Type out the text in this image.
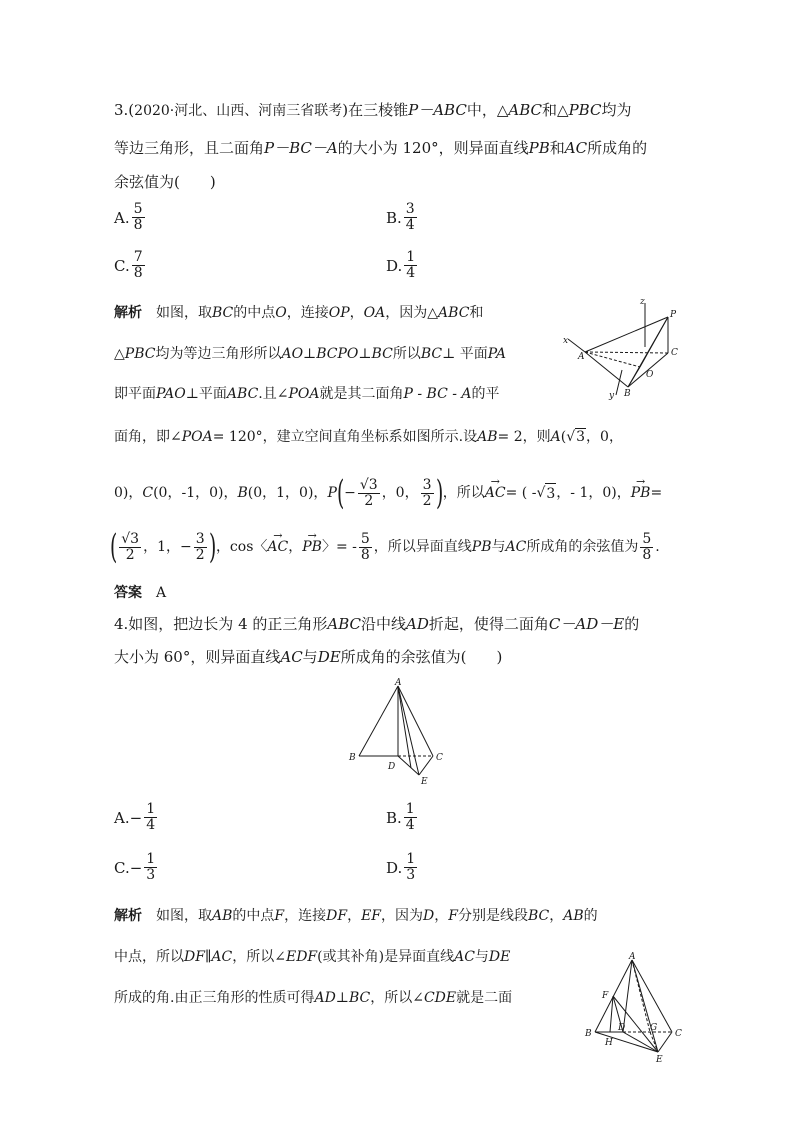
3.(2020·河北、山西、河南三省联考)在三棱锥P－ABC中，△ABC和△PBC均为
等边三角形，且二面角P－BC－A的大小为 120°，则异面直线PB和AC所成角的
余弦值为(　　)
A. $\frac{5}{8}$	B. $\frac{3}{4}$
C. $\frac{7}{8}$	D. $\frac{1}{4}$
解析　 如图，取BC的中点O，连接OP，OA，因为△ABC和
△PBC均为等边三角形所以AO⊥BCPO⊥BC所以BC⊥ 平面PA
即平面PAO⊥平面ABC.且∠POA就是其二面角P - BC - A的平
面角，即∠POA= 120°，建立空间直角坐标系如图所示.设AB= 2，则A(√3，0，
0)， C (0，-1，0)， B (0，1，0)， P ( − $\frac{√3}{2}$ ，0， $\frac{3}{2}$ ) ，所以 → AC = ( - √ 3 ，- 1，0)， → PB =
( $\frac{√3}{2}$ ，1， − $\frac{3}{2}$ ) ，cos〈 → AC ， → PB 〉= - $\frac{5}{8}$ ，所以异面直线 PB 与 AC 所成角的余弦值为 $\frac{5}{8}$ .
答案　 A
z
P
x
A	C
O
y B
4.如图，把边长为 4 的正三角形ABC沿中线AD折起，使得二面角C－AD－E的
大小为 60°，则异面直线AC与DE所成角的余弦值为(　　)
A
B
D
C
E
A. − $\frac{1}{4}$	B. $\frac{1}{4}$
C. − $\frac{1}{3}$	D. $\frac{1}{3}$
解析　 如图，取AB的中点F，连接DF，EF，因为D，F分别是线段BC，AB的
中点，所以DF∥AC，所以∠EDF(或其补角)是异面直线AC与DE
所成的角.由正三角形的性质可得AD⊥BC，所以∠CDE就是二面
A
F
B
H
D	G
C
E
